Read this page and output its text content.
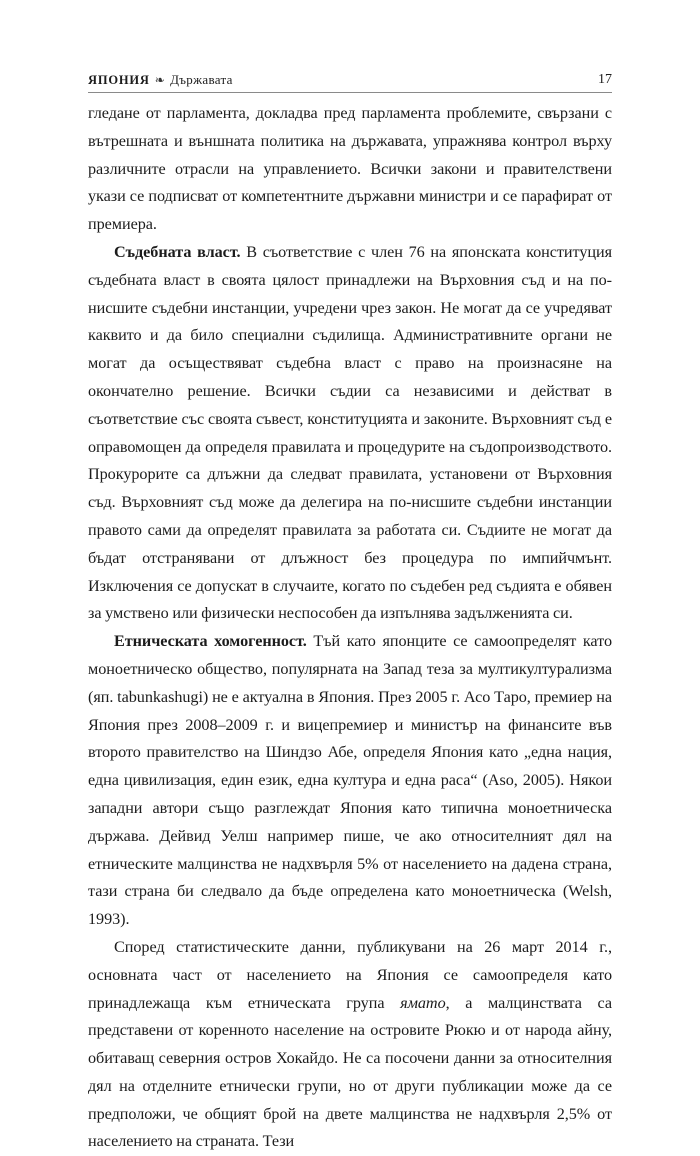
ЯПОНИЯ ❧ Държавата	17

гледане от парламента, докладва пред парламента проблемите, свързани с вътрешната и външната политика на държавата, упражнява контрол върху различните отрасли на управлението. Всички закони и правителствени укази се подписват от компетентните държавни министри и се парафират от премиера.

Съдебната власт. В съответствие с член 76 на японската конституция съдебната власт в своята цялост принадлежи на Върховния съд и на по-нисшите съдебни инстанции, учредени чрез закон. Не могат да се учредяват каквито и да било специални съдилища. Административните органи не могат да осъществяват съдебна власт с право на произнасяне на окончателно решение. Всички съдии са независими и действат в съответствие със своята съвест, конституцията и законите. Върховният съд е оправомощен да определя правилата и процедурите на съдопроизводството. Прокурорите са длъжни да следват правилата, установени от Върховния съд. Върховният съд може да делегира на по-нисшите съдебни инстанции правото сами да определят правилата за работата си. Съдиите не могат да бъдат отстранявани от длъжност без процедура по импийчмънт. Изключения се допускат в случаите, когато по съдебен ред съдията е обявен за умствено или физически неспособен да изпълнява задълженията си.

Етническата хомогенност. Тъй като японците се самоопределят като моноетническо общество, популярната на Запад теза за мултикултурализма (яп. tabunkashugi) не е актуална в Япония. През 2005 г. Асо Таро, премиер на Япония през 2008–2009 г. и вицепремиер и министър на финансите във второто правителство на Шиндзо Абе, определя Япония като „една нация, една цивилизация, един език, една култура и една раса“ (Aso, 2005). Някои западни автори също разглеждат Япония като типична моноетническа държава. Дейвид Уелш например пише, че ако относителният дял на етническите малцинства не надхвърля 5% от населението на дадена страна, тази страна би следвало да бъде определена като моноетническа (Welsh, 1993).

Според статистическите данни, публикувани на 26 март 2014 г., основната част от населението на Япония се самоопределя като принадлежаща към етническата група ямато, а малцинствата са представени от коренното население на островите Рюкю и от народа айну, обитаващ северния остров Хокайдо. Не са посочени данни за относителния дял на отделните етнически групи, но от други публикации може да се предположи, че общият брой на двете малцинства не надхвърля 2,5% от населението на страната. Тези
